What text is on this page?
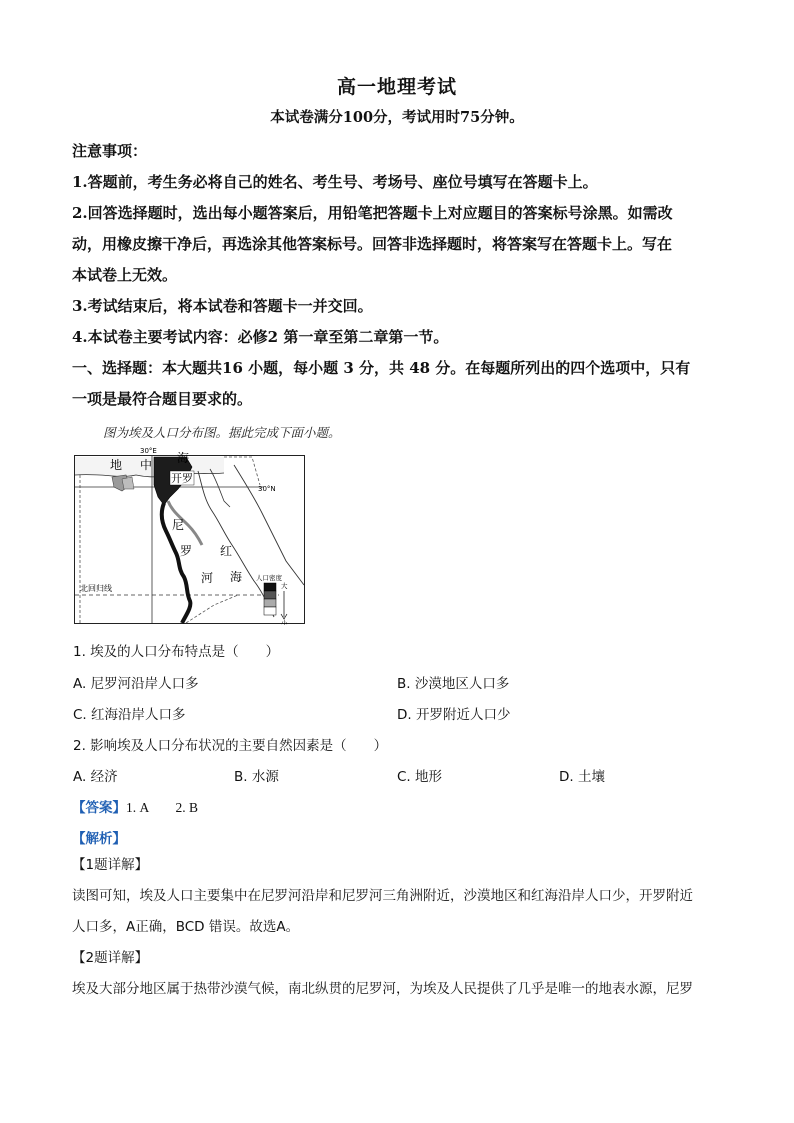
高一地理考试
本试卷满分100分，考试用时75分钟。
注意事项：
1.答题前，考生务必将自己的姓名、考生号、考场号、座位号填写在答题卡上。
2.回答选择题时，选出每小题答案后，用铅笔把答题卡上对应题目的答案标号涂黑。如需改
动，用橡皮擦干净后，再选涂其他答案标号。回答非选择题时，将答案写在答题卡上。写在
本试卷上无效。
3.考试结束后，将本试卷和答题卡一并交回。
4.本试卷主要考试内容：必修2 第一章至第二章第一节。
一、选择题：本大题共16 小题，每小题 3 分，共 48 分。在每题所列出的四个选项中，只有
一项是最符合题目要求的。
图为埃及人口分布图。据此完成下面小题。
30°E
30°N
北回归线
地 中 海
开罗
尼
罗
河
红
海 人口密度
大
小
1. 埃及的人口分布特点是（　　）
A. 尼罗河沿岸人口多	B. 沙漠地区人口多
C. 红海沿岸人口多	D. 开罗附近人口少
2. 影响埃及人口分布状况的主要自然因素是（　　）
A. 经济	B. 水源	C. 地形	D. 土壤
【答案】1. A　　2. B
【解析】
【1题详解】
读图可知，埃及人口主要集中在尼罗河沿岸和尼罗河三角洲附近，沙漠地区和红海沿岸人口少，开罗附近
人口多，A正确，BCD 错误。故选A。
【2题详解】
埃及大部分地区属于热带沙漠气候，南北纵贯的尼罗河，为埃及人民提供了几乎是唯一的地表水源，尼罗
